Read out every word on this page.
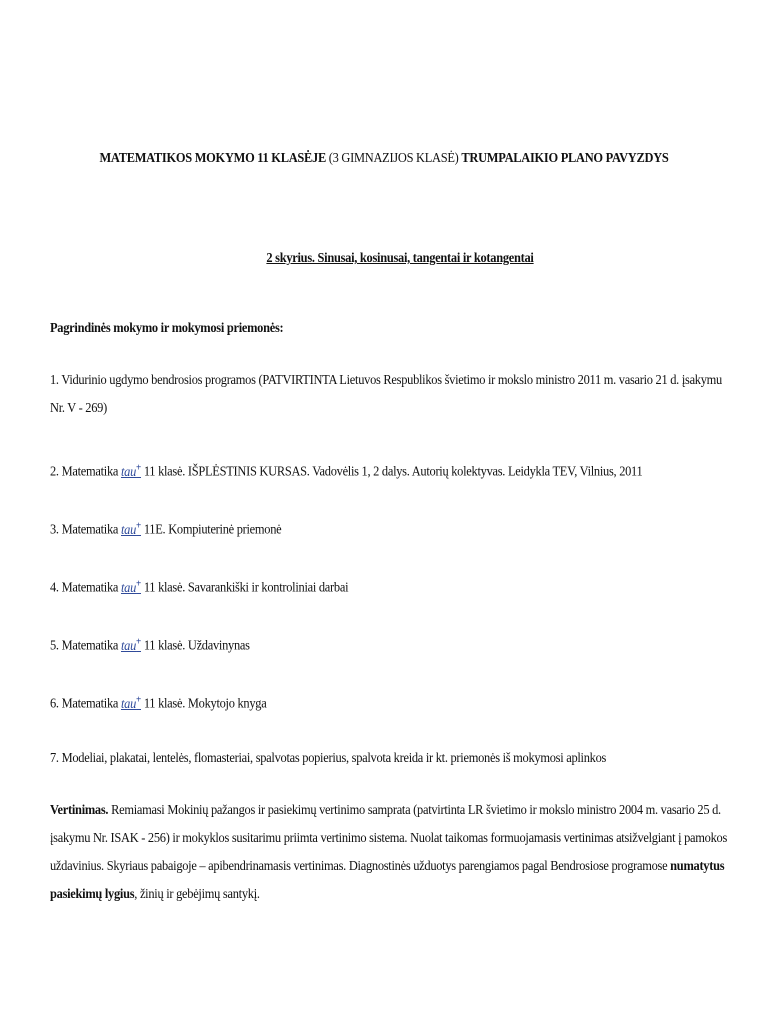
MATEMATIKOS MOKYMO 11 KLASĖJE (3 GIMNAZIJOS KLASĖ) TRUMPALAIKIO PLANO PAVYZDYS
2 skyrius. Sinusai, kosinusai, tangentai ir kotangentai
Pagrindinės mokymo ir mokymosi priemonės:
1. Vidurinio ugdymo bendrosios programos (PATVIRTINTA Lietuvos Respublikos švietimo ir mokslo ministro 2011 m. vasario 21 d. įsakymu
Nr. V - 269)
2. Matematika tau+ 11 klasė. IŠPLĖSTINIS KURSAS. Vadovėlis 1, 2 dalys. Autorių kolektyvas. Leidykla TEV, Vilnius, 2011
3. Matematika tau+ 11E. Kompiuterinė priemonė
4. Matematika tau+ 11 klasė. Savarankiški ir kontroliniai darbai
5. Matematika tau+ 11 klasė. Uždavinynas
6. Matematika tau+ 11 klasė. Mokytojo knyga
7. Modeliai, plakatai, lentelės, flomasteriai, spalvotas popierius, spalvota kreida ir kt. priemonės iš mokymosi aplinkos
Vertinimas. Remiamasi Mokinių pažangos ir pasiekimų vertinimo samprata (patvirtinta LR švietimo ir mokslo ministro 2004 m. vasario 25 d.
įsakymu Nr. ISAK - 256) ir mokyklos susitarimu priimta vertinimo sistema. Nuolat taikomas formuojamasis vertinimas atsižvelgiant į pamokos
uždavinius. Skyriaus pabaigoje – apibendrinamasis vertinimas. Diagnostinės užduotys parengiamos pagal Bendrosiose programose numatytus
pasiekimų lygius, žinių ir gebėjimų santykį.
